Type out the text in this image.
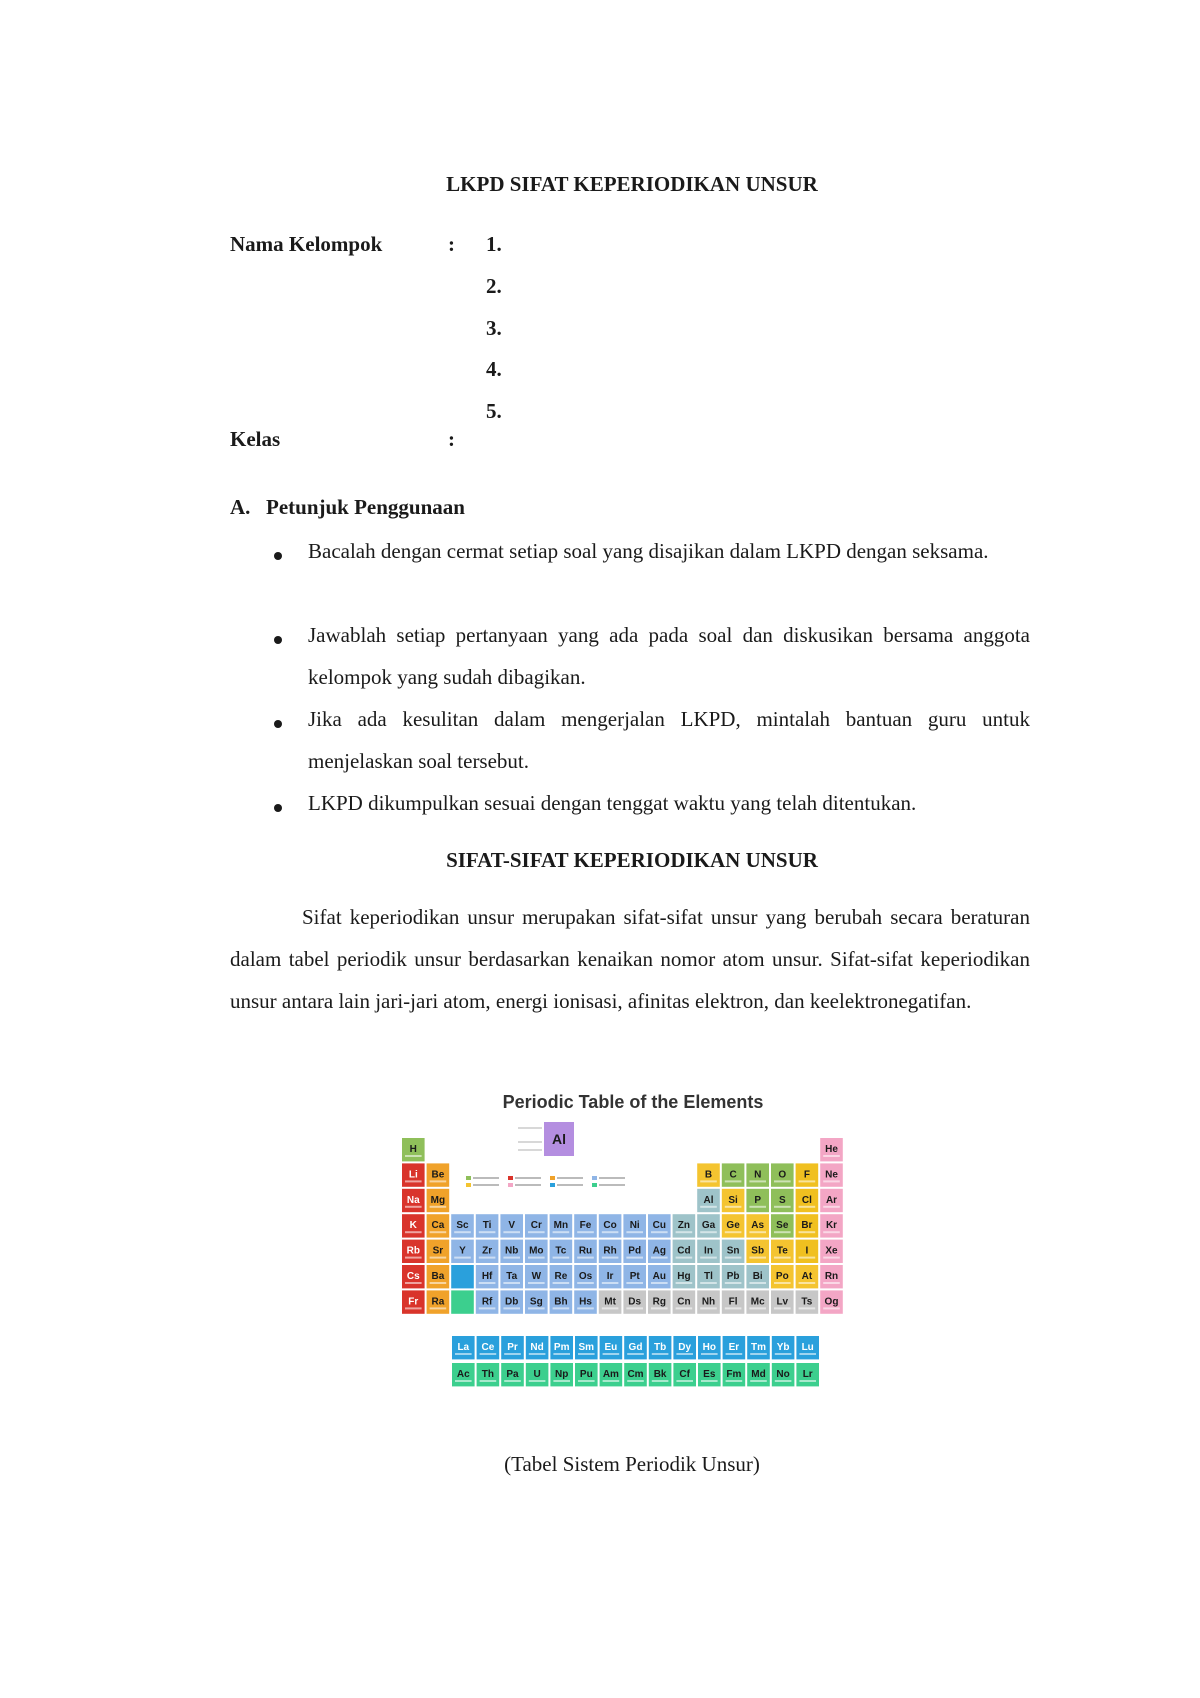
LKPD SIFAT KEPERIODIKAN UNSUR
Nama Kelompok	: 1.
2.
3.
4.
5.
Kelas	:
A. Petunjuk Penggunaan
Bacalah dengan cermat setiap soal yang disajikan dalam LKPD dengan seksama.
Jawablah setiap pertanyaan yang ada pada soal dan diskusikan bersama anggota kelompok yang sudah dibagikan.
Jika ada kesulitan dalam mengerjalan LKPD, mintalah bantuan guru untuk menjelaskan soal tersebut.
LKPD dikumpulkan sesuai dengan tenggat waktu yang telah ditentukan.
SIFAT-SIFAT KEPERIODIKAN UNSUR

Sifat keperiodikan unsur merupakan sifat-sifat unsur yang berubah secara beraturan dalam tabel periodik unsur berdasarkan kenaikan nomor atom unsur. Sifat-sifat keperiodikan unsur antara lain jari-jari atom, energi ionisasi, afinitas elektron, dan keelektronegatifan.

Periodic Table of the Elements
H	He
Li Be	B C N O F Ne
Na Mg	Al Si P S Cl Ar
K Ca Sc Ti V Cr Mn Fe Co Ni Cu Zn Ga Ge As Se Br Kr
Rb Sr Y Zr Nb Mo Tc Ru Rh Pd Ag Cd In Sn Sb Te I Xe
Cs Ba	Hf Ta W Re Os Ir Pt Au Hg Tl Pb Bi Po At Rn
Fr Ra	Rf Db Sg Bh Hs Mt Ds Rg Cn Nh Fl Mc Lv Ts Og
Al
La Ce Pr Nd Pm Sm Eu Gd Tb Dy Ho Er Tm Yb Lu
Ac Th Pa U Np Pu Am Cm Bk Cf Es Fm Md No Lr
(Tabel Sistem Periodik Unsur)
